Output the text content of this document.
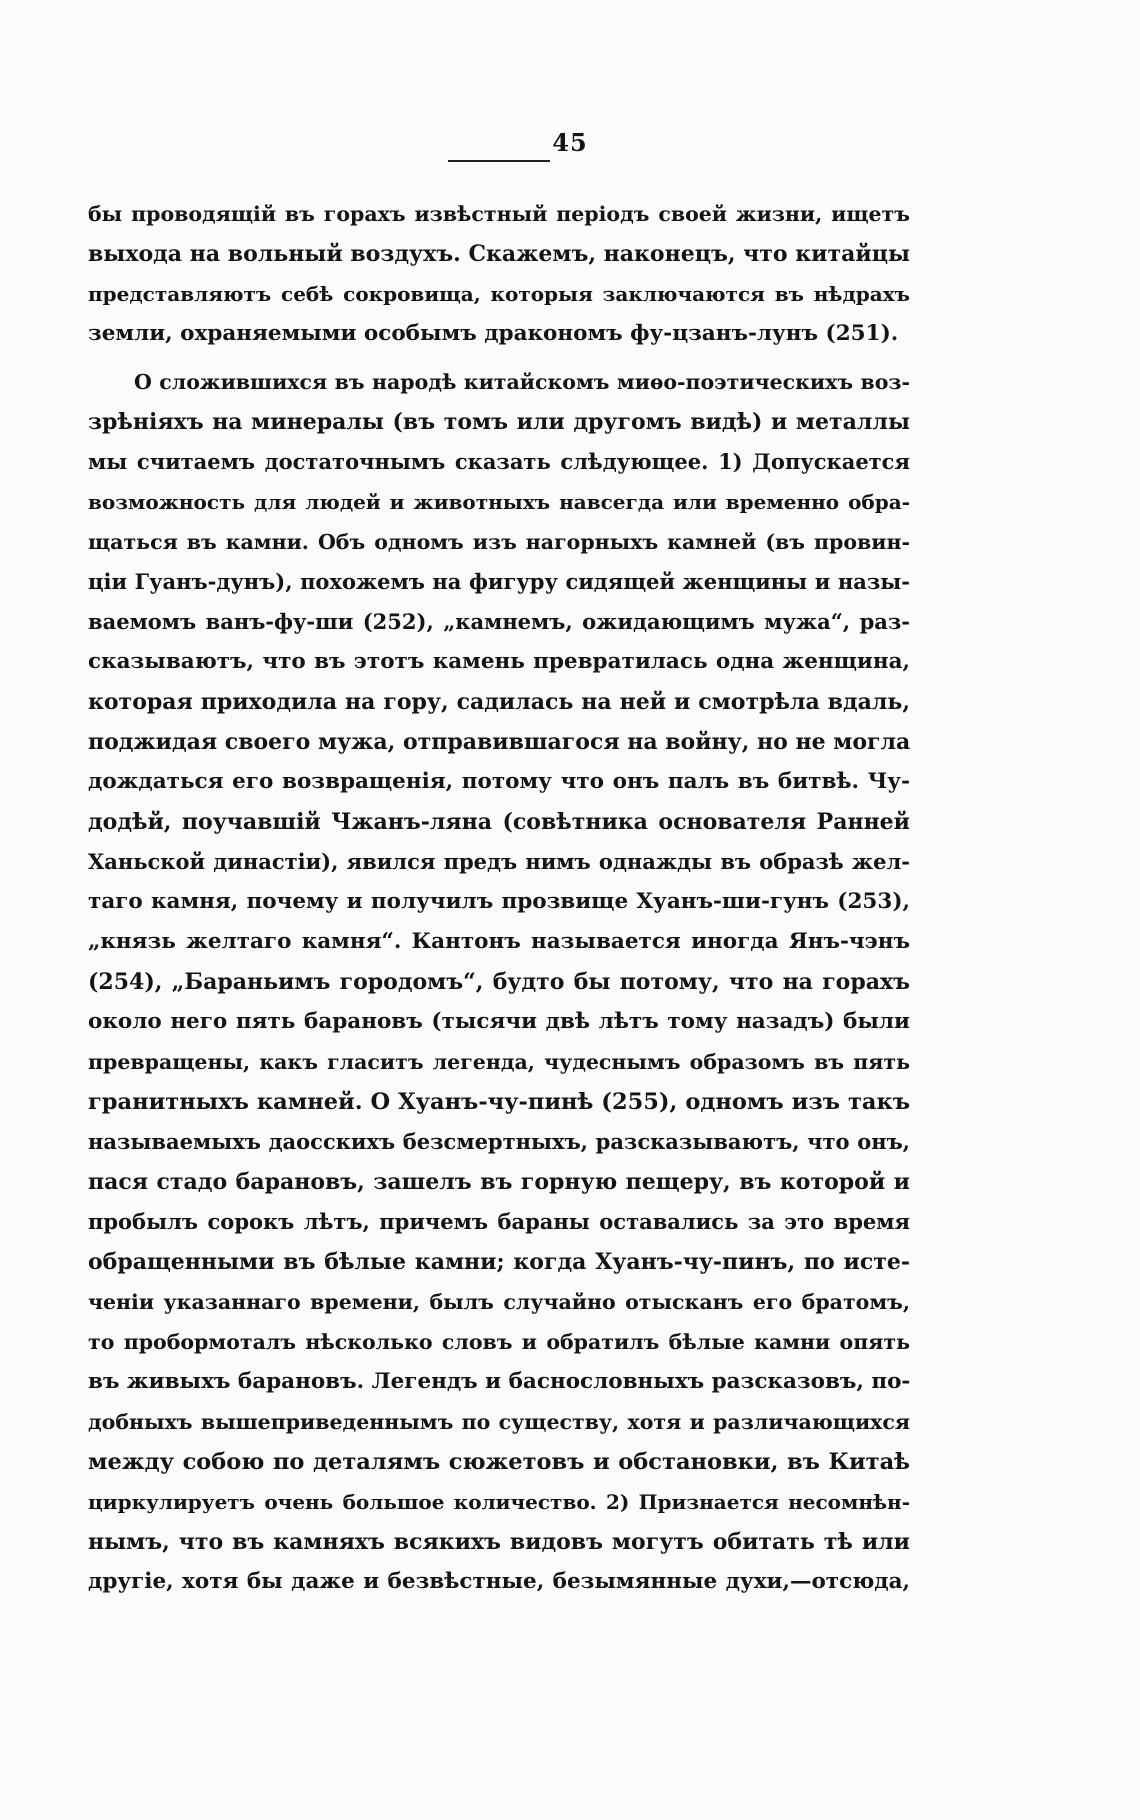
45
бы проводящій въ горахъ извѣстный періодъ своей жизни, ищетъ
выхода на вольный воздухъ. Скажемъ, наконецъ, что китайцы
представляютъ себѣ сокровища, которыя заключаются въ нѣдрахъ
земли, охраняемыми особымъ дракономъ фу-цзанъ-лунъ (251).
О сложившихся въ народѣ китайскомъ миѳо-поэтическихъ воз-
зрѣніяхъ на минералы (въ томъ или другомъ видѣ) и металлы
мы считаемъ достаточнымъ сказать слѣдующее. 1) Допускается
возможность для людей и животныхъ навсегда или временно обра-
щаться въ камни. Объ одномъ изъ нагорныхъ камней (въ провин-
ціи Гуанъ-дунъ), похожемъ на фигуру сидящей женщины и назы-
ваемомъ ванъ-фу-ши (252), „камнемъ, ожидающимъ мужа“, раз-
сказываютъ, что въ этотъ камень превратилась одна женщина,
которая приходила на гору, садилась на ней и смотрѣла вдаль,
поджидая своего мужа, отправившагося на войну, но не могла
дождаться его возвращенія, потому что онъ палъ въ битвѣ. Чу-
додѣй, поучавшій Чжанъ-ляна (совѣтника основателя Ранней
Ханьской династіи), явился предъ нимъ однажды въ образѣ жел-
таго камня, почему и получилъ прозвище Хуанъ-ши-гунъ (253),
„князь желтаго камня“. Кантонъ называется иногда Янъ-чэнъ
(254), „Бараньимъ городомъ“, будто бы потому, что на горахъ
около него пять барановъ (тысячи двѣ лѣтъ тому назадъ) были
превращены, какъ гласитъ легенда, чудеснымъ образомъ въ пять
гранитныхъ камней. О Хуанъ-чу-пинѣ (255), одномъ изъ такъ
называемыхъ даосскихъ безсмертныхъ, разсказываютъ, что онъ,
пася стадо барановъ, зашелъ въ горную пещеру, въ которой и
пробылъ сорокъ лѣтъ, причемъ бараны оставались за это время
обращенными въ бѣлые камни; когда Хуанъ-чу-пинъ, по исте-
ченіи указаннаго времени, былъ случайно отысканъ его братомъ,
то пробормоталъ нѣсколько словъ и обратилъ бѣлые камни опять
въ живыхъ барановъ. Легендъ и баснословныхъ разсказовъ, по-
добныхъ вышеприведеннымъ по существу, хотя и различающихся
между собою по деталямъ сюжетовъ и обстановки, въ Китаѣ
циркулируетъ очень большое количество. 2) Признается несомнѣн-
нымъ, что въ камняхъ всякихъ видовъ могутъ обитать тѣ или
другіе, хотя бы даже и безвѣстные, безымянные духи,—отсюда,
